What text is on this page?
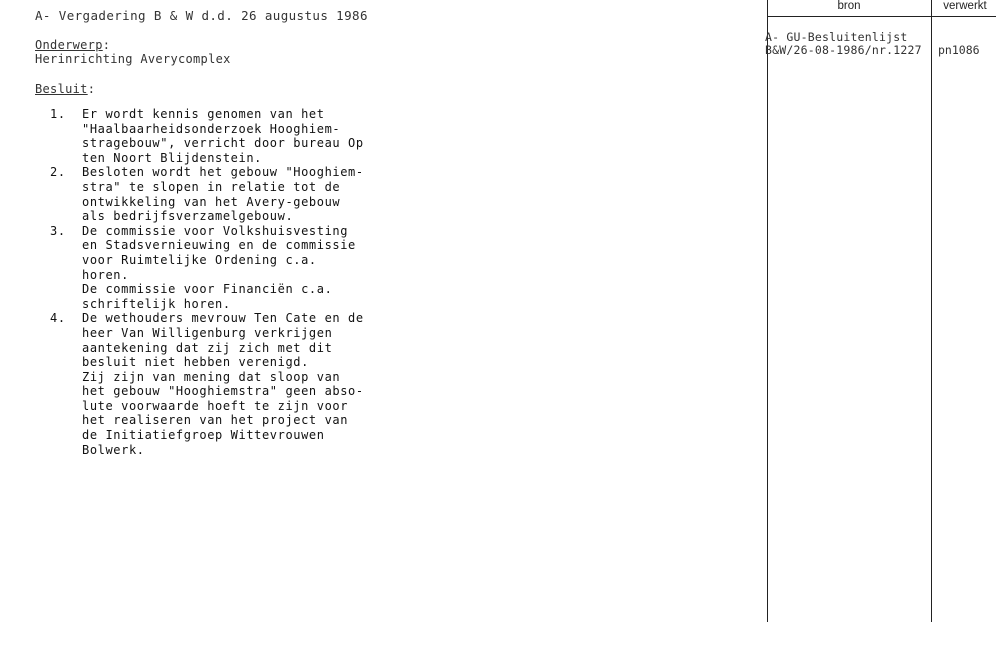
A- Vergadering B & W d.d. 26 augustus 1986
Onderwerp:
Herinrichting Averycomplex
Besluit:
1. Er wordt kennis genomen van het
"Haalbaarheidsonderzoek Hooghiem-
stragebouw", verricht door bureau Op
ten Noort Blijdenstein.
2. Besloten wordt het gebouw "Hooghiem-
stra" te slopen in relatie tot de
ontwikkeling van het Avery-gebouw
als bedrijfsverzamelgebouw.
3. De commissie voor Volkshuisvesting
en Stadsvernieuwing en de commissie
voor Ruimtelijke Ordening c.a.
horen.
De commissie voor Financiën c.a.
schriftelijk horen.
4. De wethouders mevrouw Ten Cate en de
heer Van Willigenburg verkrijgen
aantekening dat zij zich met dit
besluit niet hebben verenigd.
Zij zijn van mening dat sloop van
het gebouw "Hooghiemstra" geen abso-
lute voorwaarde hoeft te zijn voor
het realiseren van het project van
de Initiatiefgroep Wittevrouwen
Bolwerk.
bron	verwerkt
A- GU-Besluitenlijst
B&W/26-08-1986/nr.1227 pn1086
